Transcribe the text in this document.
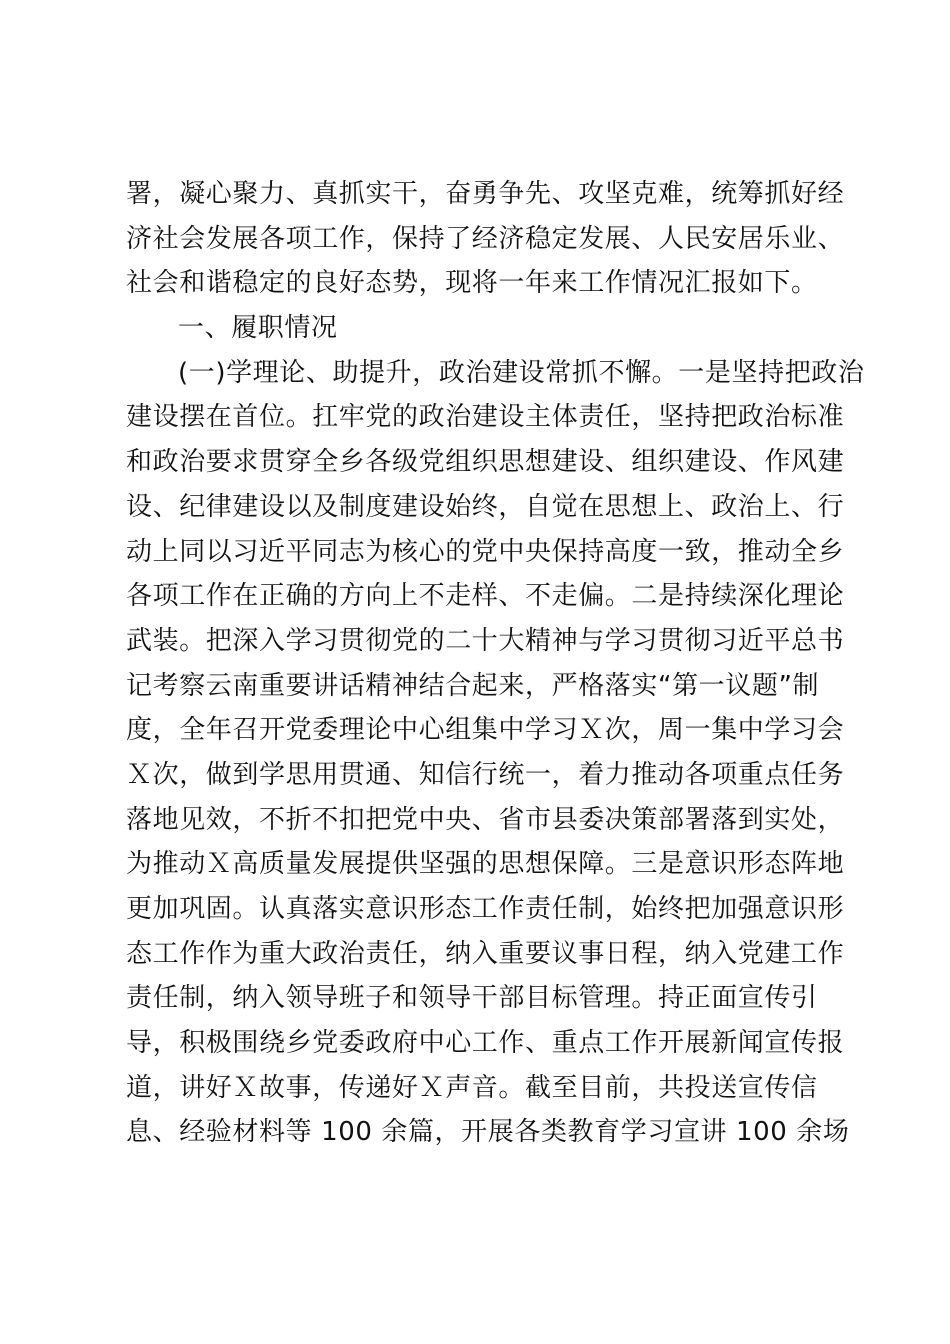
署，凝心聚力、真抓实干，奋勇争先、攻坚克难，统筹抓好经
济社会发展各项工作，保持了经济稳定发展、人民安居乐业、
社会和谐稳定的良好态势，现将一年来工作情况汇报如下。
一、履职情况
(一)学理论、助提升，政治建设常抓不懈。一是坚持把政治
建设摆在首位。扛牢党的政治建设主体责任，坚持把政治标准
和政治要求贯穿全乡各级党组织思想建设、组织建设、作风建
设、纪律建设以及制度建设始终，自觉在思想上、政治上、行
动上同以习近平同志为核心的党中央保持高度一致，推动全乡
各项工作在正确的方向上不走样、不走偏。二是持续深化理论
武装。把深入学习贯彻党的二十大精神与学习贯彻习近平总书
记考察云南重要讲话精神结合起来，严格落实“第一议题”制
度，全年召开党委理论中心组集中学习Ｘ次，周一集中学习会
Ｘ次，做到学思用贯通、知信行统一，着力推动各项重点任务
落地见效，不折不扣把党中央、省市县委决策部署落到实处，
为推动Ｘ高质量发展提供坚强的思想保障。三是意识形态阵地
更加巩固。认真落实意识形态工作责任制，始终把加强意识形
态工作作为重大政治责任，纳入重要议事日程，纳入党建工作
责任制，纳入领导班子和领导干部目标管理。持正面宣传引
导，积极围绕乡党委政府中心工作、重点工作开展新闻宣传报
道，讲好Ｘ故事，传递好Ｘ声音。截至目前，共投送宣传信
息、经验材料等 100 余篇，开展各类教育学习宣讲 100 余场
